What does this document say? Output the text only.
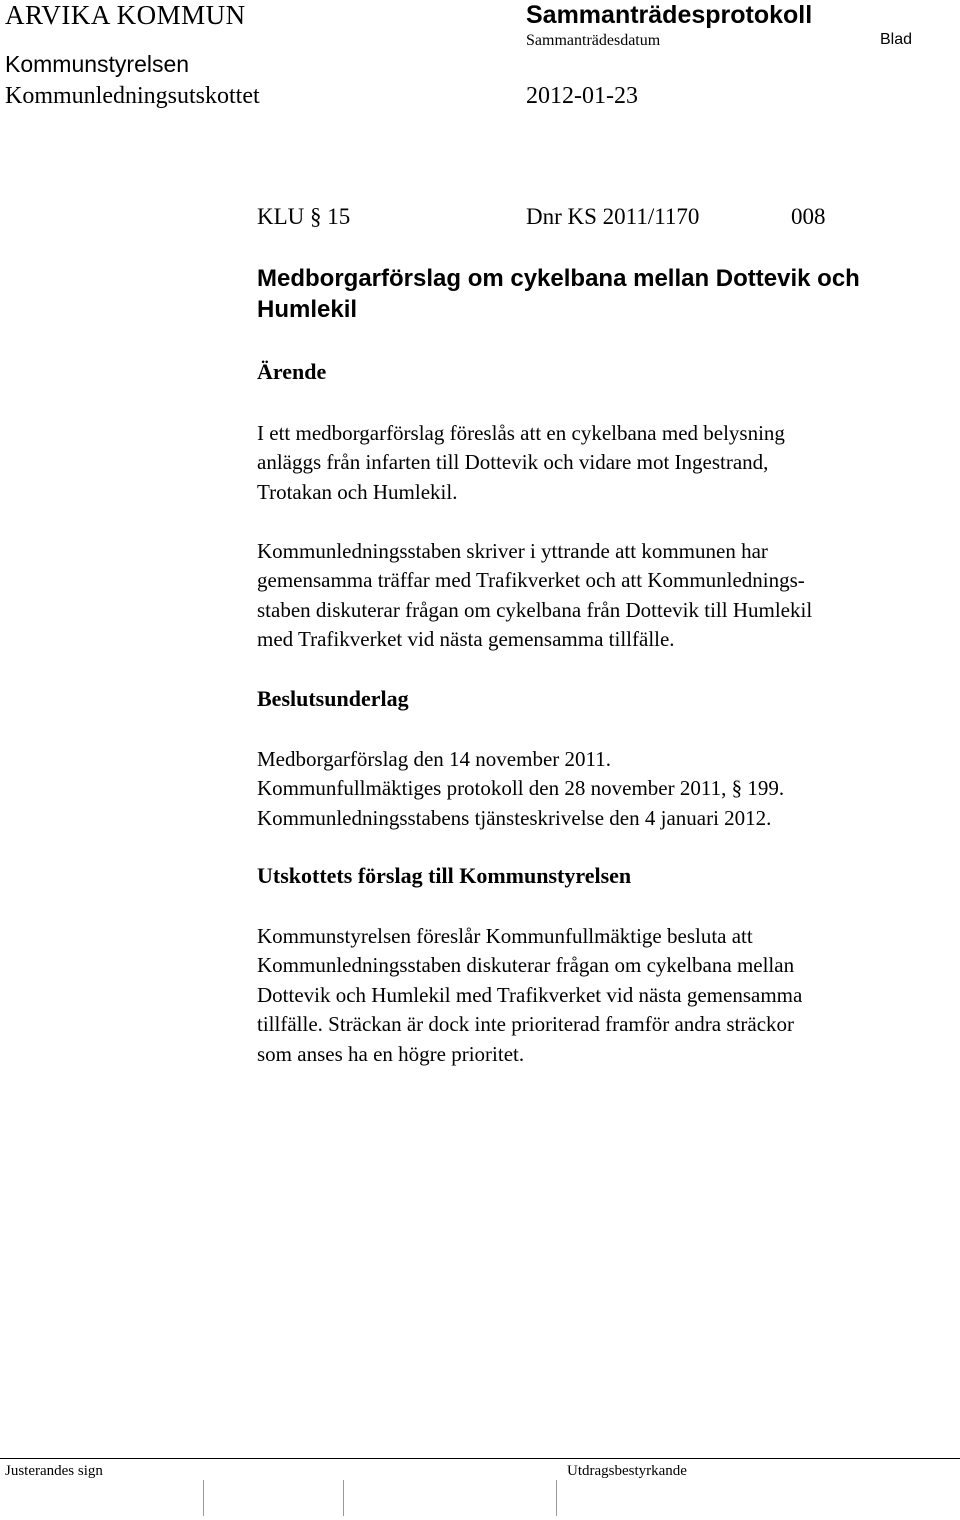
ARVIKA KOMMUN	Sammanträdesprotokoll
Sammanträdesdatum	Blad
Kommunstyrelsen
Kommunledningsutskottet	2012-01-23
KLU § 15	Dnr KS 2011/1170	008
Medborgarförslag om cykelbana mellan Dottevik och Humlekil
Ärende
I ett medborgarförslag föreslås att en cykelbana med belysning
anläggs från infarten till Dottevik och vidare mot Ingestrand,
Trotakan och Humlekil.
Kommunledningsstaben skriver i yttrande att kommunen har
gemensamma träffar med Trafikverket och att Kommunlednings-
staben diskuterar frågan om cykelbana från Dottevik till Humlekil
med Trafikverket vid nästa gemensamma tillfälle.
Beslutsunderlag
Medborgarförslag den 14 november 2011.
Kommunfullmäktiges protokoll den 28 november 2011, § 199.
Kommunledningsstabens tjänsteskrivelse den 4 januari 2012.
Utskottets förslag till Kommunstyrelsen
Kommunstyrelsen föreslår Kommunfullmäktige besluta att
Kommunledningsstaben diskuterar frågan om cykelbana mellan
Dottevik och Humlekil med Trafikverket vid nästa gemensamma
tillfälle. Sträckan är dock inte prioriterad framför andra sträckor
som anses ha en högre prioritet.
Justerandes sign	Utdragsbestyrkande
